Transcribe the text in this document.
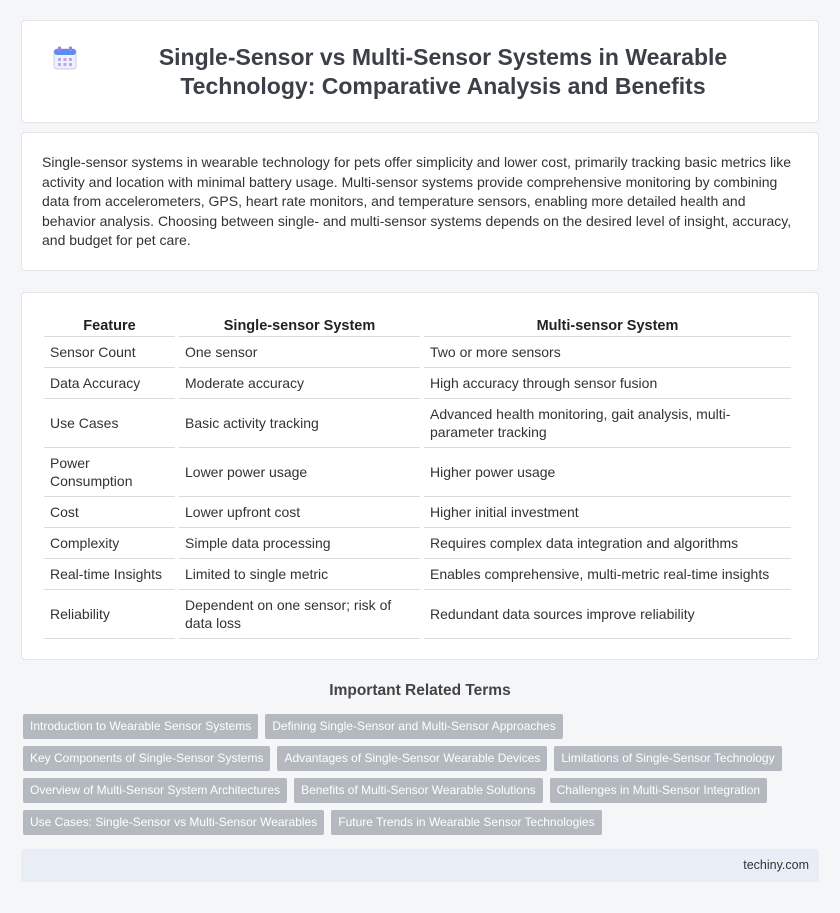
Single-Sensor vs Multi-Sensor Systems in Wearable Technology: Comparative Analysis and Benefits

Single-sensor systems in wearable technology for pets offer simplicity and lower cost, primarily tracking basic metrics like activity and location with minimal battery usage. Multi-sensor systems provide comprehensive monitoring by combining data from accelerometers, GPS, heart rate monitors, and temperature sensors, enabling more detailed health and behavior analysis. Choosing between single- and multi-sensor systems depends on the desired level of insight, accuracy, and budget for pet care.

Feature	Single-sensor System	Multi-sensor System
Sensor Count	One sensor	Two or more sensors
Data Accuracy	Moderate accuracy	High accuracy through sensor fusion
Use Cases	Basic activity tracking	Advanced health monitoring, gait analysis, multi-parameter tracking
Power Consumption	Lower power usage	Higher power usage
Cost	Lower upfront cost	Higher initial investment
Complexity	Simple data processing	Requires complex data integration and algorithms
Real-time Insights	Limited to single metric	Enables comprehensive, multi-metric real-time insights
Reliability	Dependent on one sensor; risk of data loss	Redundant data sources improve reliability
Important Related Terms
Introduction to Wearable Sensor Systems	Defining Single-Sensor and Multi-Sensor Approaches
Key Components of Single-Sensor Systems	Advantages of Single-Sensor Wearable Devices	Limitations of Single-Sensor Technology
Overview of Multi-Sensor System Architectures	Benefits of Multi-Sensor Wearable Solutions	Challenges in Multi-Sensor Integration
Use Cases: Single-Sensor vs Multi-Sensor Wearables	Future Trends in Wearable Sensor Technologies
techiny.com
